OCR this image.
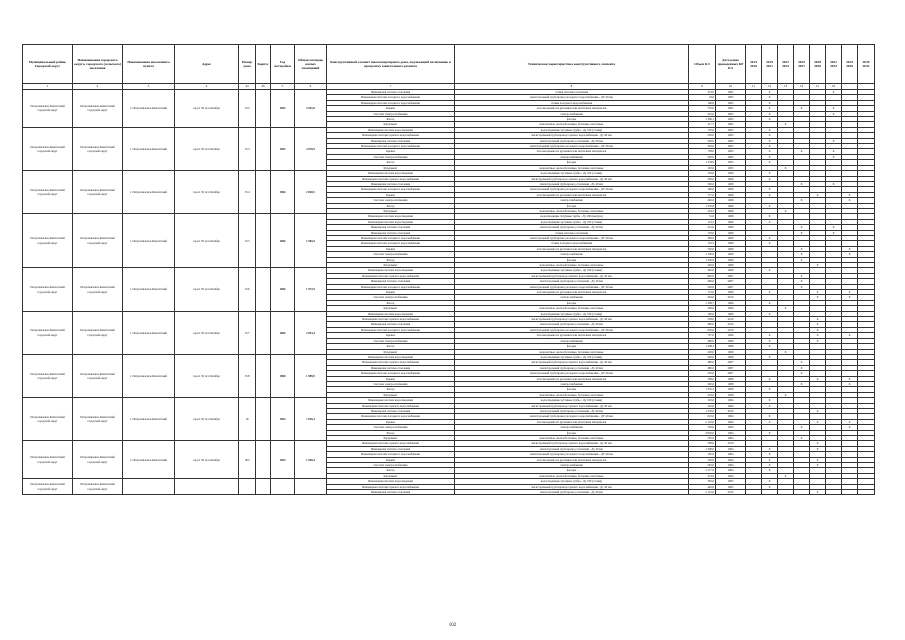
Муниципальный район, Городской округ	Наименование городского округа, городского (сельского) поселения	Наименование населенного пункта	Адрес	Номер дома	Корпус	Год постройки	Общая площадь жилых помещений	Конструктивный элемент многоквартирного дома, подлежащий включению в программу капитального ремонта	Техническая характеристика конструктивного элемента	Объем КЭ	Дата ранее проведенных КР КЭ	2014 2016	2019 2021	2022 2024	2025 2027	2028 2030	2031 2033	2034 2036	2039 2043
1	2	3	4	4а	4б	5	6	7	8	9	10	11	12	13	14	15	16		
Петропавловск-Камчатский городской округ	Петропавловск-Камчатский городской округ	г. Петропавловск-Камчатский	пр-кт. 50 лет Октября	15/2		1965	2 051,8	Инженерная система отопления	стояки системы отопления	372,0	1965		X				X		
								Инженерная система холодного водоснабжения	магистральный трубопровод холодного водоснабжения - ДУ 40 мм	43,0	1965		X						
								Инженерная система холодного водоснабжения	стояки холодного водоснабжения	106,0	1965		X						
								Крыша	плоская крыша из рулонных или мастичных материалов	755,0	1965		X		X		X		
								Система электроснабжения	электроснабжение	210,0	1965		X				X		
								Фасад	фасады	1 369,1	1965		X						
								Фундамент	монолитные, железобетонные, бетонные ленточные	217,7	1965			X					
Петропавловск-Камчатский городской округ	Петропавловск-Камчатский городской округ	г. Петропавловск-Камчатский	пр-кт. 50 лет Октября	15/3		1965	2 070,5	Инженерная система водоотведения	водоотводящие чугунные трубы - Ду 100 (стояки)	176,0	1965		X						
								Инженерная система горячего водоснабжения	магистральный трубопровод горячего водоснабжения - Ду 40 мм	250,0	1965		X						
								Инженерная система отопления	магистральный трубопровод отопления - Ду 40 мм	590,0	1965		X				X		
								Инженерная система холодного водоснабжения	магистральный трубопровод холодного водоснабжения - ДУ 40 мм	394,0	1965		X						
								Крыша	плоская крыша из рулонных или мастичных материалов	738,0	1965		X		X		X		
								Система электроснабжения	электроснабжение	230,0	1965		X				X		
								Фасад	фасады	1 354,9	1965		X						
								Фундамент	монолитные, железобетонные, бетонные ленточные	193,6	1965			X					
Петропавловск-Камчатский городской округ	Петропавловск-Камчатский городской округ	г. Петропавловск-Камчатский	пр-кт. 50 лет Октября	15/4		1966	2 040,5	Инженерная система водоотведения	водоотводящие чугунные трубы - Ду 100 (стояки)	156,0	1966		X						
								Инженерная система горячего водоснабжения	магистральный трубопровод горячего водоснабжения - Ду 40 мм	256,0	1966		X						
								Инженерная система отопления	магистральный трубопровод отопления - Ду 40 мм	560,0	1966				X		X		
								Инженерная система холодного водоснабжения	магистральный трубопровод холодного водоснабжения - ДУ 40 мм	160,0	1966		X						
								Крыша	плоская крыша из рулонных или мастичных материалов	717,0	1966		X			X		X	
								Система электроснабжения	электроснабжение	240,0	1966				X			X	
								Фасад	фасады	1 355,8	1966		X						
								Фундамент	монолитные, железобетонные, бетонные ленточные	224,5	1966			X					
Петропавловск-Камчатский городской округ	Петропавловск-Камчатский городской округ	г. Петропавловск-Камчатский	пр-кт. 50 лет Октября	15/5		1966	1 965,5	Инженерная система водоотведения	водоотводящие чугунные трубы - Ду 100 (выпуск)	51,0	1966		X						
								Инженерная система водоотведения	водоотводящие чугунные трубы - Ду 100 (стояки)	172,5	1966		X						
								Инженерная система отопления	магистральный трубопровод отопления - Ду 40 мм	212,0	1966				X		X		
								Инженерная система отопления	стояки системы отопления	176,0	1966				X		X		
								Инженерная система холодного водоснабжения	магистральный трубопровод холодного водоснабжения - ДУ 40 мм	306,0	1966		X						
								Инженерная система холодного водоснабжения	стояки холодного водоснабжения	132,5	1966		X						
								Крыша	плоская крыша из рулонных или мастичных материалов	702,0	1966				X			X	
								Система электроснабжения	электроснабжение	1 100,0	1966				X			X	
								Фасад	фасады	1 305,9	1966				X				
								Фундамент	монолитные, железобетонные, бетонные ленточные	262,6	1966					X			
Петропавловск-Камчатский городской округ	Петропавловск-Камчатский городской округ	г. Петропавловск-Камчатский	пр-кт. 50 лет Октября	15/6		1966	1 972,5	Инженерная система водоотведения	водоотводящие чугунные трубы - Ду 100 (стояки)	240,0	1966		X						
								Инженерная система горячего водоснабжения	магистральный трубопровод горячего водоснабжения - Ду 40 мм	820,0	2007				X				
								Инженерная система отопления	магистральный трубопровод отопления - Ду 40 мм	400,0	2007				X				
								Инженерная система холодного водоснабжения	магистральный трубопровод холодного водоснабжения - ДУ 40 мм	250,0	2007				X				
								Крыша	плоская крыша из рулонных или мастичных материалов	712,0	1966		X			X		X	
								Система электроснабжения	электроснабжение	264,0	2010					X		X	
								Фасад	фасады	1 309,7	1966		X						
								Фундамент	монолитные, железобетонные, бетонные ленточные	206,6	1966			X					
Петропавловск-Камчатский городской округ	Петропавловск-Камчатский городской округ	г. Петропавловск-Камчатский	пр-кт. 50 лет Октября	15/7		1966	2 043,4	Инженерная система водоотведения	водоотводящие чугунные трубы - Ду 100 (стояки)	196,0	1966		X						
								Инженерная система горячего водоснабжения	магистральный трубопровод горячего водоснабжения - Ду 40 мм	538,0	2010					X			
								Инженерная система отопления	магистральный трубопровод отопления - Ду 40 мм	380,0	2010					X			
								Инженерная система холодного водоснабжения	магистральный трубопровод холодного водоснабжения - ДУ 40 мм	650,0	2010					X			
								Крыша	плоская крыша из рулонных или мастичных материалов	727,0	1966		X			X		X	
								Система электроснабжения	электроснабжение	280,0	1966		X			X			
								Фасад	фасады	1 368,3	1966		X						
								Фундамент	монолитные, железобетонные, бетонные ленточные	228,0	1966			X					
Петропавловск-Камчатский городской округ	Петропавловск-Камчатский городской округ	г. Петропавловск-Камчатский	пр-кт. 50 лет Октября	15/8		1968	1 989,9	Инженерная система водоотведения	водоотводящие чугунные трубы - Ду 100 (стояки)	240,0	1968		X						
								Инженерная система горячего водоснабжения	магистральный трубопровод горячего водоснабжения - Ду 40 мм	480,0	2007				X				
								Инженерная система отопления	магистральный трубопровод отопления - Ду 40 мм	480,0	2007				X				
								Инженерная система холодного водоснабжения	магистральный трубопровод холодного водоснабжения - ДУ 40 мм	250,0	2007				X				
								Крыша	плоская крыша из рулонных или мастичных материалов	768,0	1968		X			X		X	
								Система электроснабжения	электроснабжение	320,0	1968				X			X	
								Фасад	фасады	1 355,3	1968		X						
								Фундамент	монолитные, железобетонные, бетонные ленточные	219,0	1968			X					
Петропавловск-Камчатский городской округ	Петропавловск-Камчатский городской округ	г. Петропавловск-Камчатский	пр-кт. 50 лет Октября	18		1964	7 016,3	Инженерная система водоотведения	водоотводящие чугунные трубы - Ду 100 (стояки)	192,0	1964		X						
								Инженерная система горячего водоснабжения	магистральный трубопровод горячего водоснабжения - Ду 40 мм	310,0	1964		X						
								Инженерная система отопления	магистральный трубопровод отопления - Ду 40 мм	1 250,0	2010					X			
								Инженерная система холодного водоснабжения	магистральный трубопровод холодного водоснабжения - ДУ 40 мм	610,0	1964		X						
								Крыша	плоская крыша из рулонных или мастичных материалов	2 110,0	1964		X			X		X	
								Система электроснабжения	электроснабжение	720,0	1964				X			X	
								Фасад	фасады	3 802,0	1964		X						
								Фундамент	монолитные, железобетонные, бетонные ленточные	705,0	1964				X				
Петропавловск-Камчатский городской округ	Петропавловск-Камчатский городской округ	г. Петропавловск-Камчатский	пр-кт. 50 лет Октября	18/2		1964	1 946,4	Инженерная система горячего водоснабжения	магистральный трубопровод горячего водоснабжения - Ду 40 мм	790,0	2010					X			
								Инженерная система отопления	магистральный трубопровод отопления - Ду 40 мм	1 300,0	1964		X			X			
								Инженерная система холодного водоснабжения	магистральный трубопровод холодного водоснабжения - ДУ 40 мм	105,0	1964		X						
								Крыша	плоская крыша из рулонных или мастичных материалов	720,0	1964		X			X			
								Система электроснабжения	электроснабжение	265,0	1964		X			X			
								Фасад	фасады	2 117,0	1964		X						
								Фундамент	монолитные, железобетонные, бетонные ленточные	233,6	1964			X					
Петропавловск-Камчатский городской округ	Петропавловск-Камчатский городской округ							Инженерная система водоотведения	водоотводящие чугунные трубы - Ду 100 (стояки)	330,0	1965		X						
								Инженерная система горячего водоснабжения	магистральный трубопровод горячего водоснабжения - Ду 40 мм	420,0	1965		X						
								Инженерная система отопления	магистральный трубопровод отопления - Ду 40 мм	2 112,0	2010					X			
102
